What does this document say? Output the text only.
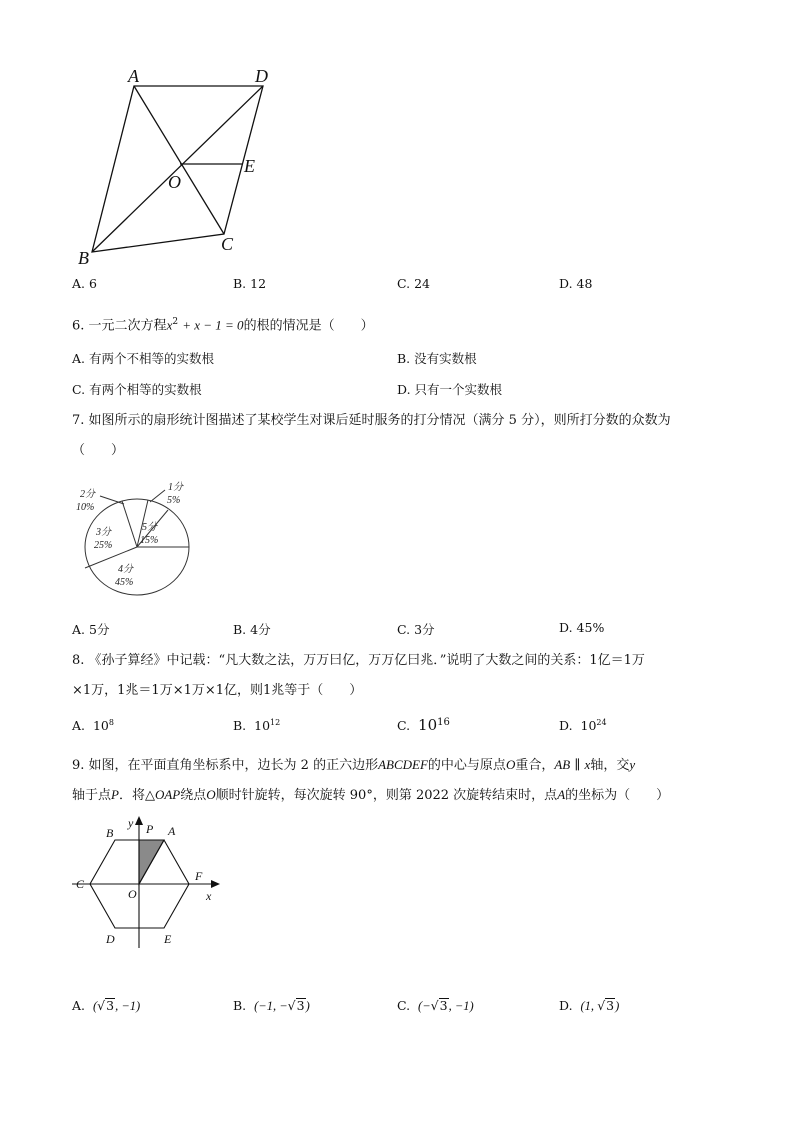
A	D
O
E
B
C
A. 6	B. 12	C. 24	D. 48
6. 一元二次方程$x^2 + x - 1 = 0$的根的情况是（　　）
A. 有两个不相等的实数根	B. 没有实数根
C. 有两个相等的实数根	D. 只有一个实数根
7. 如图所示的扇形统计图描述了某校学生对课后延时服务的打分情况（满分 5 分），则所打分数的众数为
（　　）
2分
10%
1分
5%
3分
25%
5分
15%
4分
45%
A. 5分	B. 4分	C. 3分	D. 45%
8. 《孙子算经》中记载：“凡大数之法，万万曰亿，万万亿曰兆．”说明了大数之间的关系：1亿＝1万
×1万，1兆＝1万×1万×1亿，则1兆等于（　　）
A. $10^8$	B. $10^{12}$	C. $10^{16}$	D. $10^{24}$
9. 如图，在平面直角坐标系中，边长为 2 的正六边形ABCDEF的中心与原点O重合，AB ∥ x轴，交y
轴于点P．将△OAP绕点O顺时针旋转，每次旋转 90°，则第 2022 次旋转结束时，点A的坐标为（　　）
y
x
B	P A
C
F
O
D	E
A. (√3, −1)	B. (−1, −√3)	C. (−√3, −1)	D. (1, √3)
